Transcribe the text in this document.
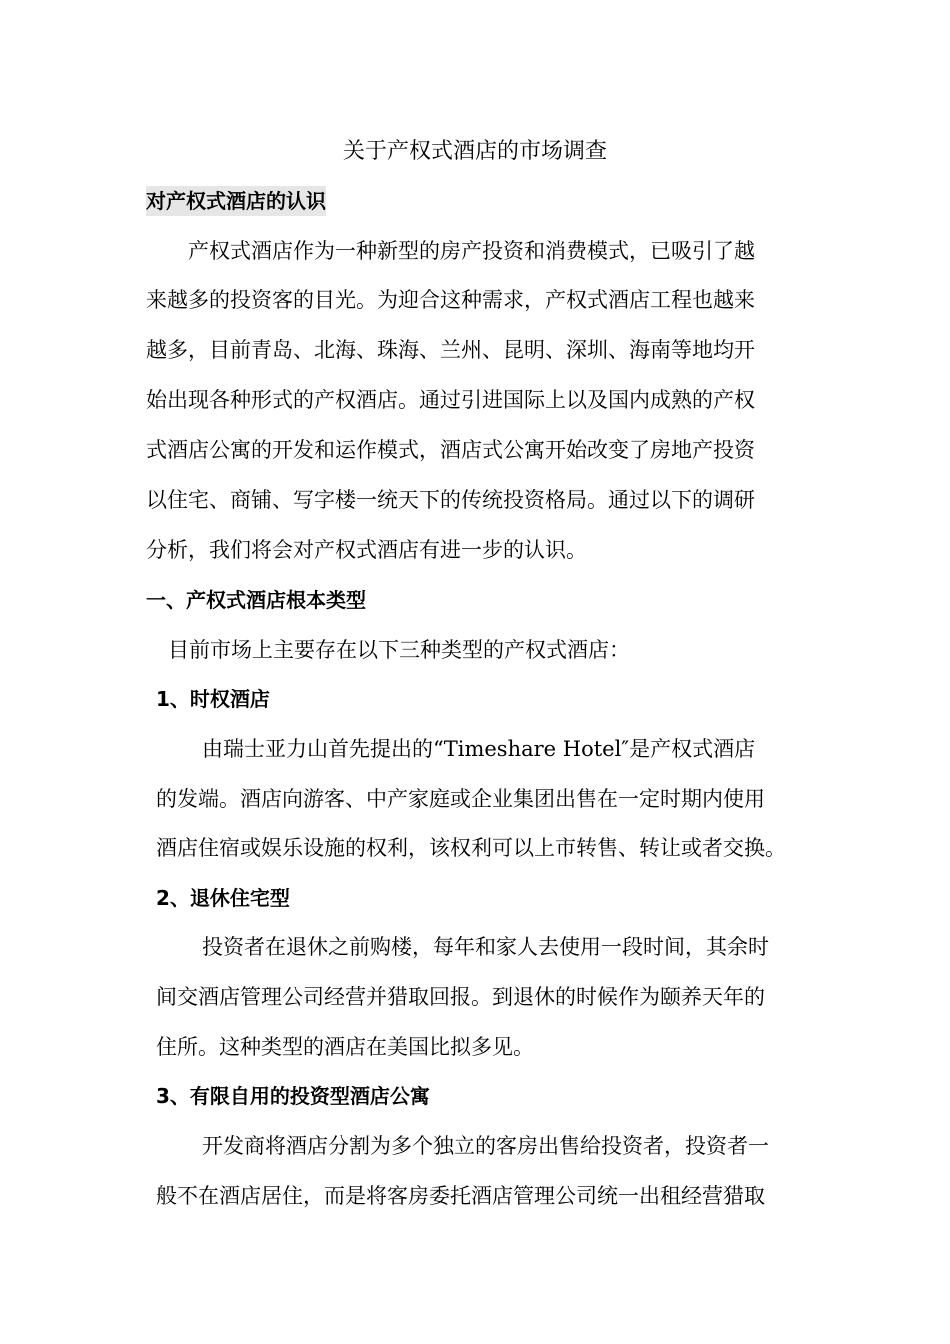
关于产权式酒店的市场调查
对产权式酒店的认识
产权式酒店作为一种新型的房产投资和消费模式，已吸引了越
来越多的投资客的目光。为迎合这种需求，产权式酒店工程也越来
越多，目前青岛、北海、珠海、兰州、昆明、深圳、海南等地均开
始出现各种形式的产权酒店。通过引进国际上以及国内成熟的产权
式酒店公寓的开发和运作模式，酒店式公寓开始改变了房地产投资
以住宅、商铺、写字楼一统天下的传统投资格局。通过以下的调研
分析，我们将会对产权式酒店有进一步的认识。
一、产权式酒店根本类型
目前市场上主要存在以下三种类型的产权式酒店：
1、时权酒店
由瑞士亚力山首先提出的“Timeshare Hotel″是产权式酒店
的发端。酒店向游客、中产家庭或企业集团出售在一定时期内使用
酒店住宿或娱乐设施的权利，该权利可以上市转售、转让或者交换。
2、退休住宅型
投资者在退休之前购楼，每年和家人去使用一段时间，其余时
间交酒店管理公司经营并猎取回报。到退休的时候作为颐养天年的
住所。这种类型的酒店在美国比拟多见。
3、有限自用的投资型酒店公寓
开发商将酒店分割为多个独立的客房出售给投资者，投资者一
般不在酒店居住，而是将客房委托酒店管理公司统一出租经营猎取
